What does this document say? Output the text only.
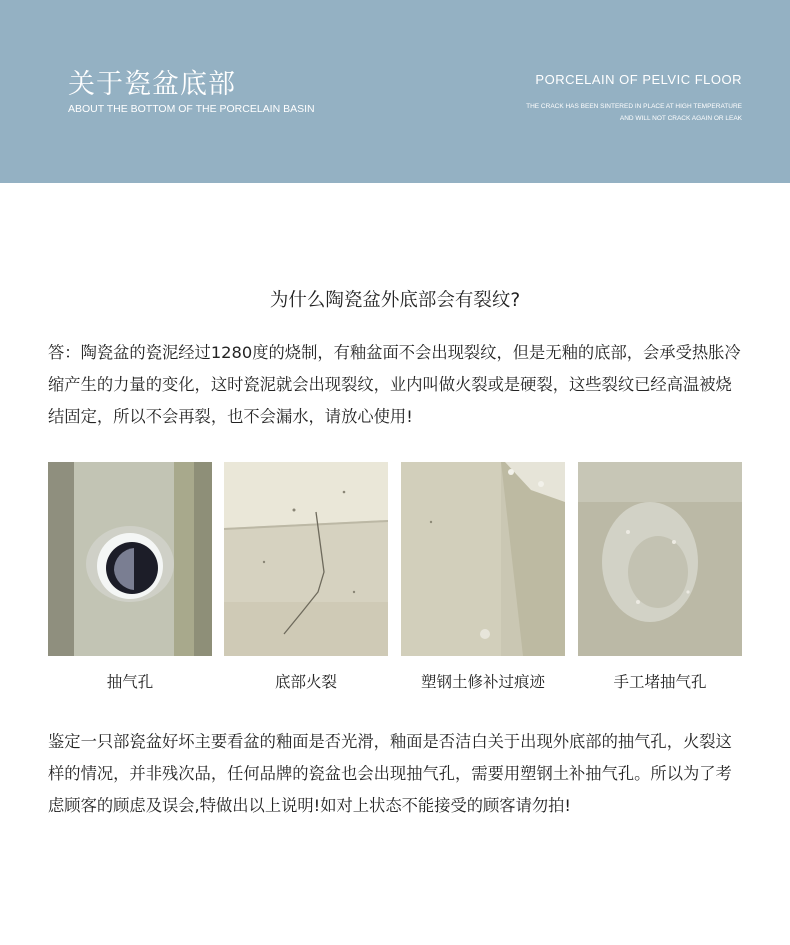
关于瓷盆底部
ABOUT THE BOTTOM OF THE PORCELAIN BASIN
PORCELAIN OF PELVIC FLOOR
THE CRACK HAS BEEN SINTERED IN PLACE AT HIGH TEMPERATURE
AND WILL NOT CRACK AGAIN OR LEAK
为什么陶瓷盆外底部会有裂纹?

答：陶瓷盆的瓷泥经过1280度的烧制，有釉盆面不会出现裂纹，但是无釉的底部，会承受热胀冷缩产生的力量的变化，这时瓷泥就会出现裂纹，业内叫做火裂或是硬裂，这些裂纹已经高温被烧结固定，所以不会再裂，也不会漏水，请放心使用!

抽气孔	底部火裂	塑钢土修补过痕迹	手工堵抽气孔

鉴定一只部瓷盆好坏主要看盆的釉面是否光滑，釉面是否洁白关于出现外底部的抽气孔，火裂这样的情况，并非残次品，任何品牌的瓷盆也会出现抽气孔，需要用塑钢土补抽气孔。所以为了考虑顾客的顾虑及误会,特做出以上说明!如对上状态不能接受的顾客请勿拍!
